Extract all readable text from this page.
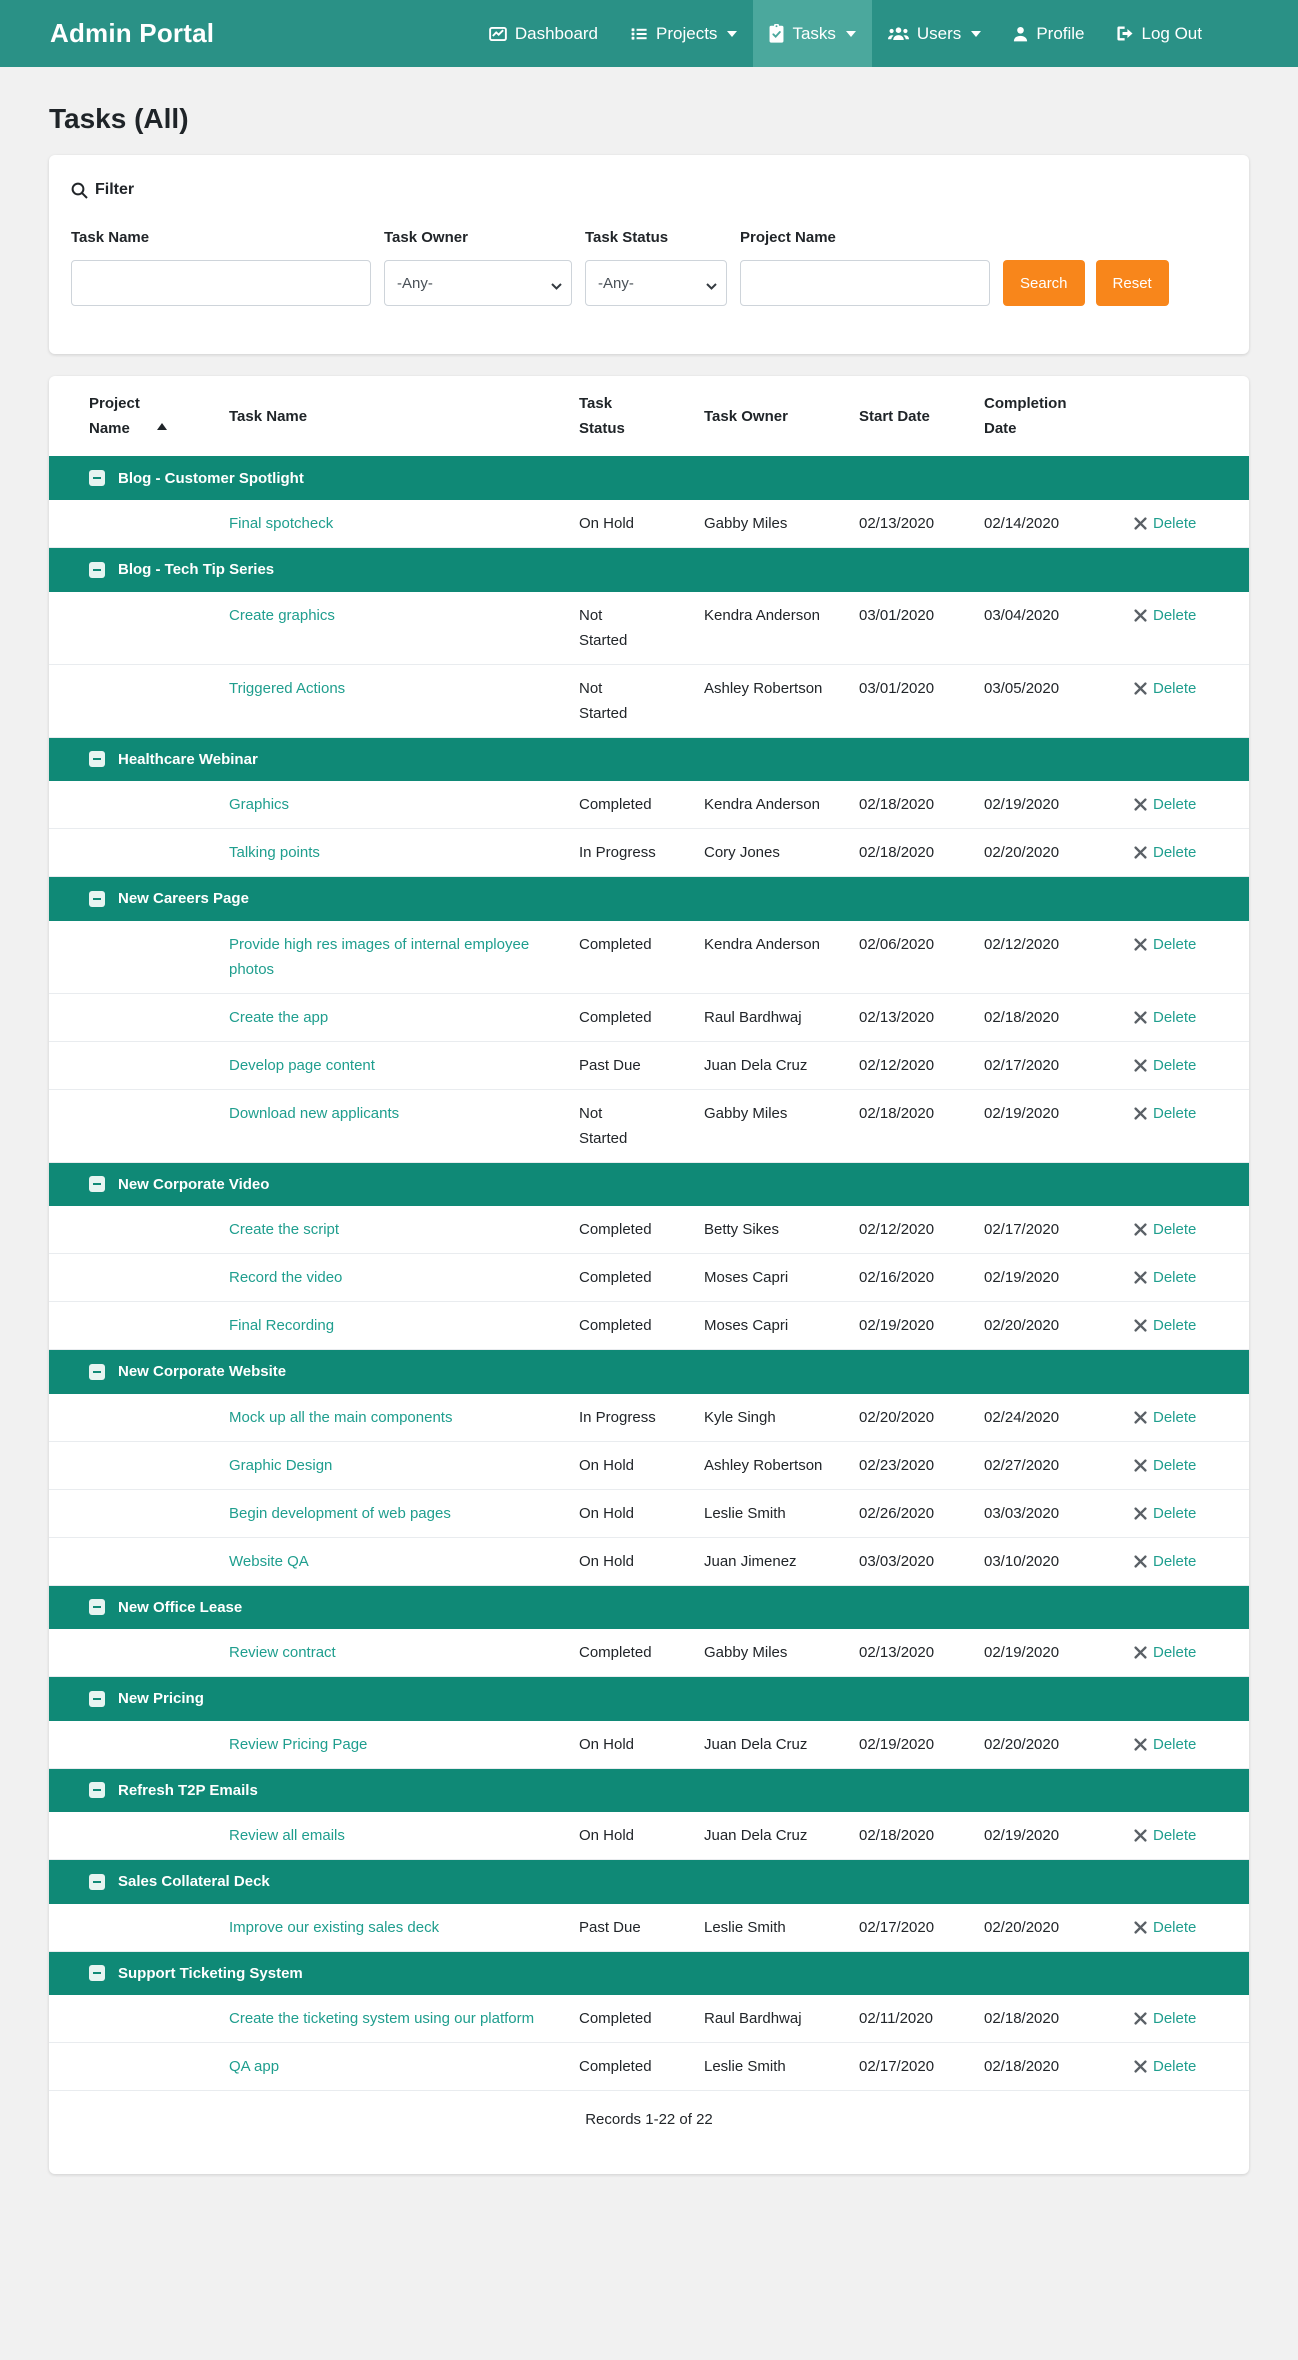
Admin Portal	Dashboard	Projects	Tasks	Users	Profile	Log Out
Tasks (All)
Filter
Task Name	Task Owner
-Any-	Task Status
-Any-	Project Name
Search	Reset
Project Name	Task Name	Task Status	Task Owner	Start Date	Completion Date	

Blog - Customer Spotlight						

	Final spotcheck	On Hold	Gabby Miles	02/13/2020	02/14/2020	Delete

Blog - Tech Tip Series						

	Create graphics	Not Started	Kendra Anderson	03/01/2020	03/04/2020	Delete
	Triggered Actions	Not Started	Ashley Robertson	03/01/2020	03/05/2020	Delete

Healthcare Webinar						

	Graphics	Completed	Kendra Anderson	02/18/2020	02/19/2020	Delete
	Talking points	In Progress	Cory Jones	02/18/2020	02/20/2020	Delete

New Careers Page						

	Provide high res images of internal employee photos	Completed	Kendra Anderson	02/06/2020	02/12/2020	Delete
	Create the app	Completed	Raul Bardhwaj	02/13/2020	02/18/2020	Delete
	Develop page content	Past Due	Juan Dela Cruz	02/12/2020	02/17/2020	Delete
	Download new applicants	Not Started	Gabby Miles	02/18/2020	02/19/2020	Delete

New Corporate Video						

	Create the script	Completed	Betty Sikes	02/12/2020	02/17/2020	Delete
	Record the video	Completed	Moses Capri	02/16/2020	02/19/2020	Delete
	Final Recording	Completed	Moses Capri	02/19/2020	02/20/2020	Delete

New Corporate Website						

	Mock up all the main components	In Progress	Kyle Singh	02/20/2020	02/24/2020	Delete
	Graphic Design	On Hold	Ashley Robertson	02/23/2020	02/27/2020	Delete
	Begin development of web pages	On Hold	Leslie Smith	02/26/2020	03/03/2020	Delete
	Website QA	On Hold	Juan Jimenez	03/03/2020	03/10/2020	Delete

New Office Lease						

	Review contract	Completed	Gabby Miles	02/13/2020	02/19/2020	Delete

New Pricing						

	Review Pricing Page	On Hold	Juan Dela Cruz	02/19/2020	02/20/2020	Delete

Refresh T2P Emails						

	Review all emails	On Hold	Juan Dela Cruz	02/18/2020	02/19/2020	Delete

Sales Collateral Deck						

	Improve our existing sales deck	Past Due	Leslie Smith	02/17/2020	02/20/2020	Delete

Support Ticketing System						

	Create the ticketing system using our platform	Completed	Raul Bardhwaj	02/11/2020	02/18/2020	Delete
	QA app	Completed	Leslie Smith	02/17/2020	02/18/2020	Delete
Records 1-22 of 22
